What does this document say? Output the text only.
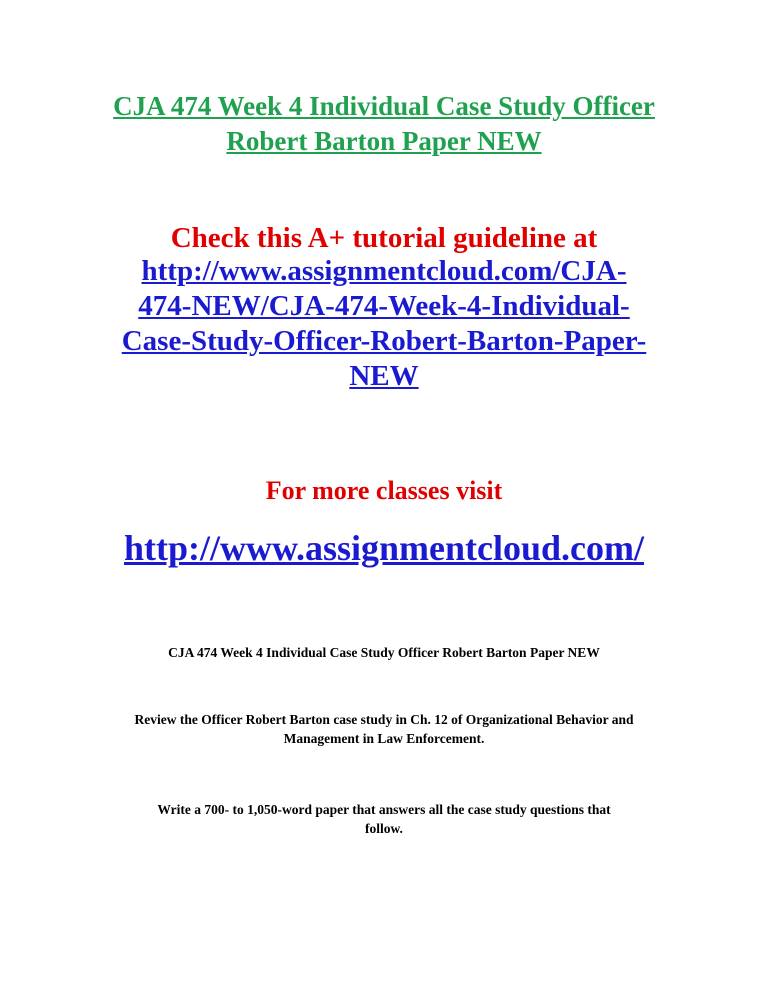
CJA 474 Week 4 Individual Case Study Officer
Robert Barton Paper NEW
Check this A+ tutorial guideline at
http://www.assignmentcloud.com/CJA-
474-NEW/CJA-474-Week-4-Individual-
Case-Study-Officer-Robert-Barton-Paper-
NEW
For more classes visit
http://www.assignmentcloud.com/
CJA 474 Week 4 Individual Case Study Officer Robert Barton Paper NEW
Review the Officer Robert Barton case study in Ch. 12 of Organizational Behavior and
Management in Law Enforcement.
Write a 700- to 1,050-word paper that answers all the case study questions that
follow.
